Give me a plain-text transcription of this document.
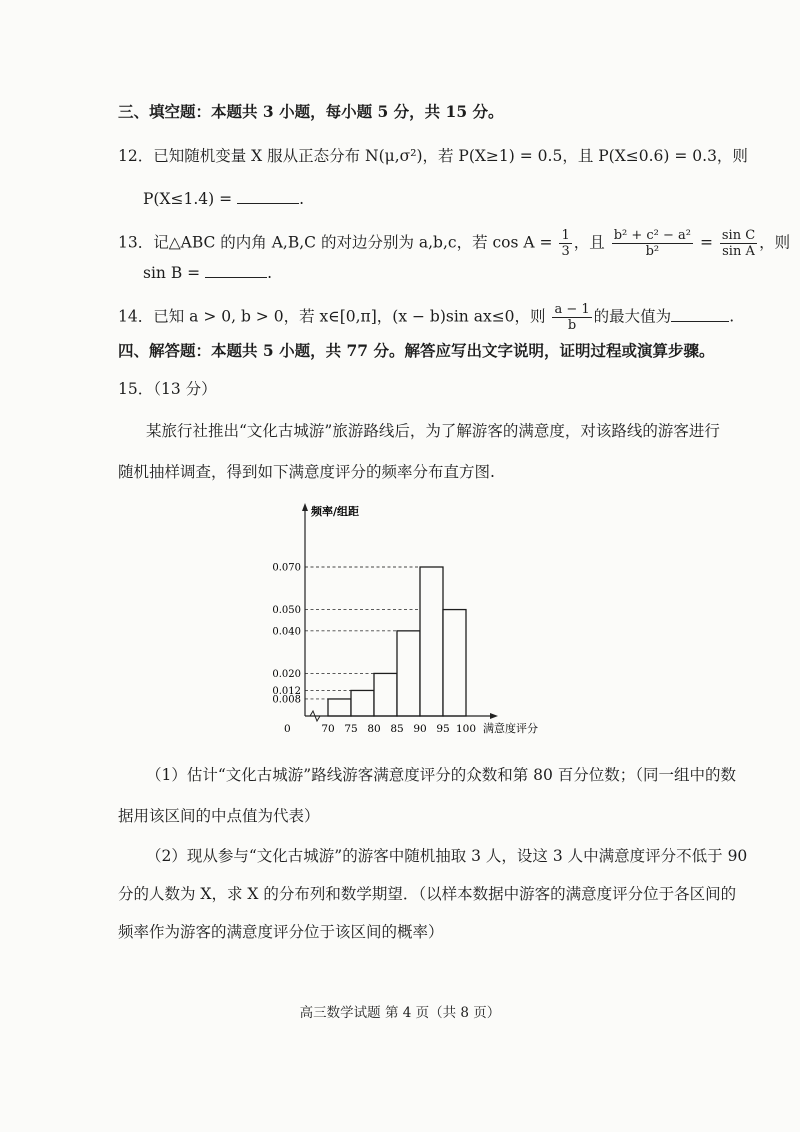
三、填空题：本题共 3 小题，每小题 5 分，共 15 分。
12．已知随机变量 X 服从正态分布 N(μ,σ²)，若 P(X≥1) = 0.5，且 P(X≤0.6) = 0.3，则
P(X≤1.4) =	.
13．记△ABC 的内角 A,B,C 的对边分别为 a,b,c，若 $\cos A = \frac{1}{3}$ ，且 $\frac{\text{b² + c² − a²}}{\text{b²}} = \frac{\text{sin C}}{\text{sin A}}$ ，则
sin B =	.
14．已知 a > 0, b > 0，若 x∈[0,π]，(x − b)sin ax≤0，则 $\frac{a - 1}{b}$ 的最大值为	.
四、解答题：本题共 5 小题，共 77 分。解答应写出文字说明，证明过程或演算步骤。
15．（13 分）
某旅行社推出“文化古城游”旅游路线后，为了解游客的满意度，对该路线的游客进行
随机抽样调查，得到如下满意度评分的频率分布直方图.
0.008
0.012
0.020
0.040
0.050
0.070
70 75 80 85 90 95 100
频率/组距
满意度评分
0
（1）估计“文化古城游”路线游客满意度评分的众数和第 80 百分位数；（同一组中的数
据用该区间的中点值为代表）
（2）现从参与“文化古城游”的游客中随机抽取 3 人，设这 3 人中满意度评分不低于 90
分的人数为 X，求 X 的分布列和数学期望．（以样本数据中游客的满意度评分位于各区间的
频率作为游客的满意度评分位于该区间的概率）
高三数学试题 第 4 页（共 8 页）
